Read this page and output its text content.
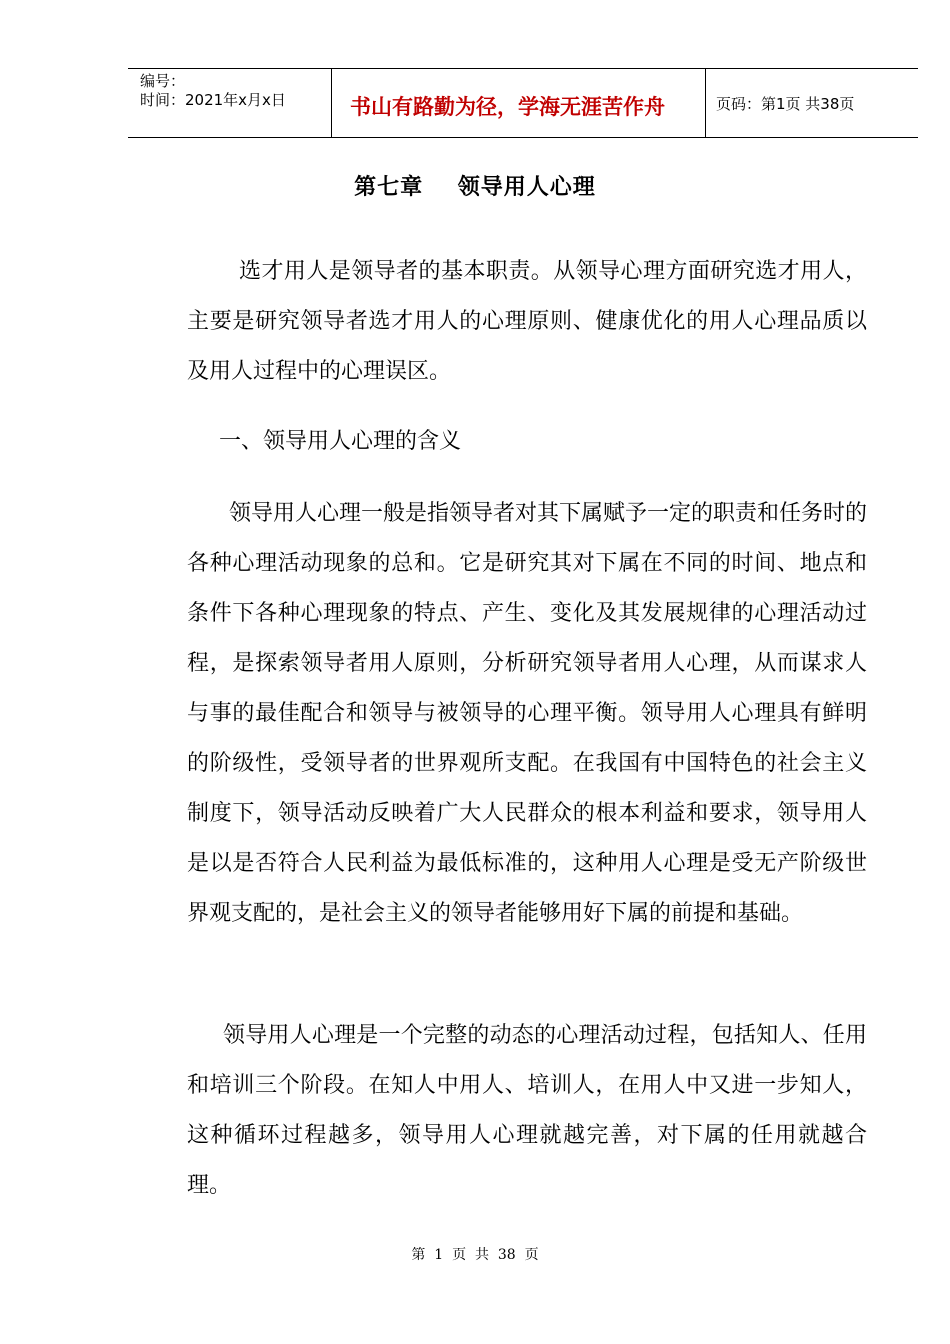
编号：
时间：2021年x月x日	书山有路勤为径，学海无涯苦作舟	页码：第1页 共38页
第七章    领导用人心理
选才用人是领导者的基本职责。从领导心理方面研究选才用人，主要是研究领导者选才用人的心理原则、健康优化的用人心理品质以及用人过程中的心理误区。
一、领导用人心理的含义
领导用人心理一般是指领导者对其下属赋予一定的职责和任务时的各种心理活动现象的总和。它是研究其对下属在不同的时间、地点和条件下各种心理现象的特点、产生、变化及其发展规律的心理活动过程，是探索领导者用人原则，分析研究领导者用人心理，从而谋求人与事的最佳配合和领导与被领导的心理平衡。领导用人心理具有鲜明的阶级性，受领导者的世界观所支配。在我国有中国特色的社会主义制度下，领导活动反映着广大人民群众的根本利益和要求，领导用人是以是否符合人民利益为最低标准的，这种用人心理是受无产阶级世界观支配的，是社会主义的领导者能够用好下属的前提和基础。
领导用人心理是一个完整的动态的心理活动过程，包括知人、任用和培训三个阶段。在知人中用人、培训人，在用人中又进一步知人，这种循环过程越多，领导用人心理就越完善，对下属的任用就越合理。
第  1  页  共  38  页
